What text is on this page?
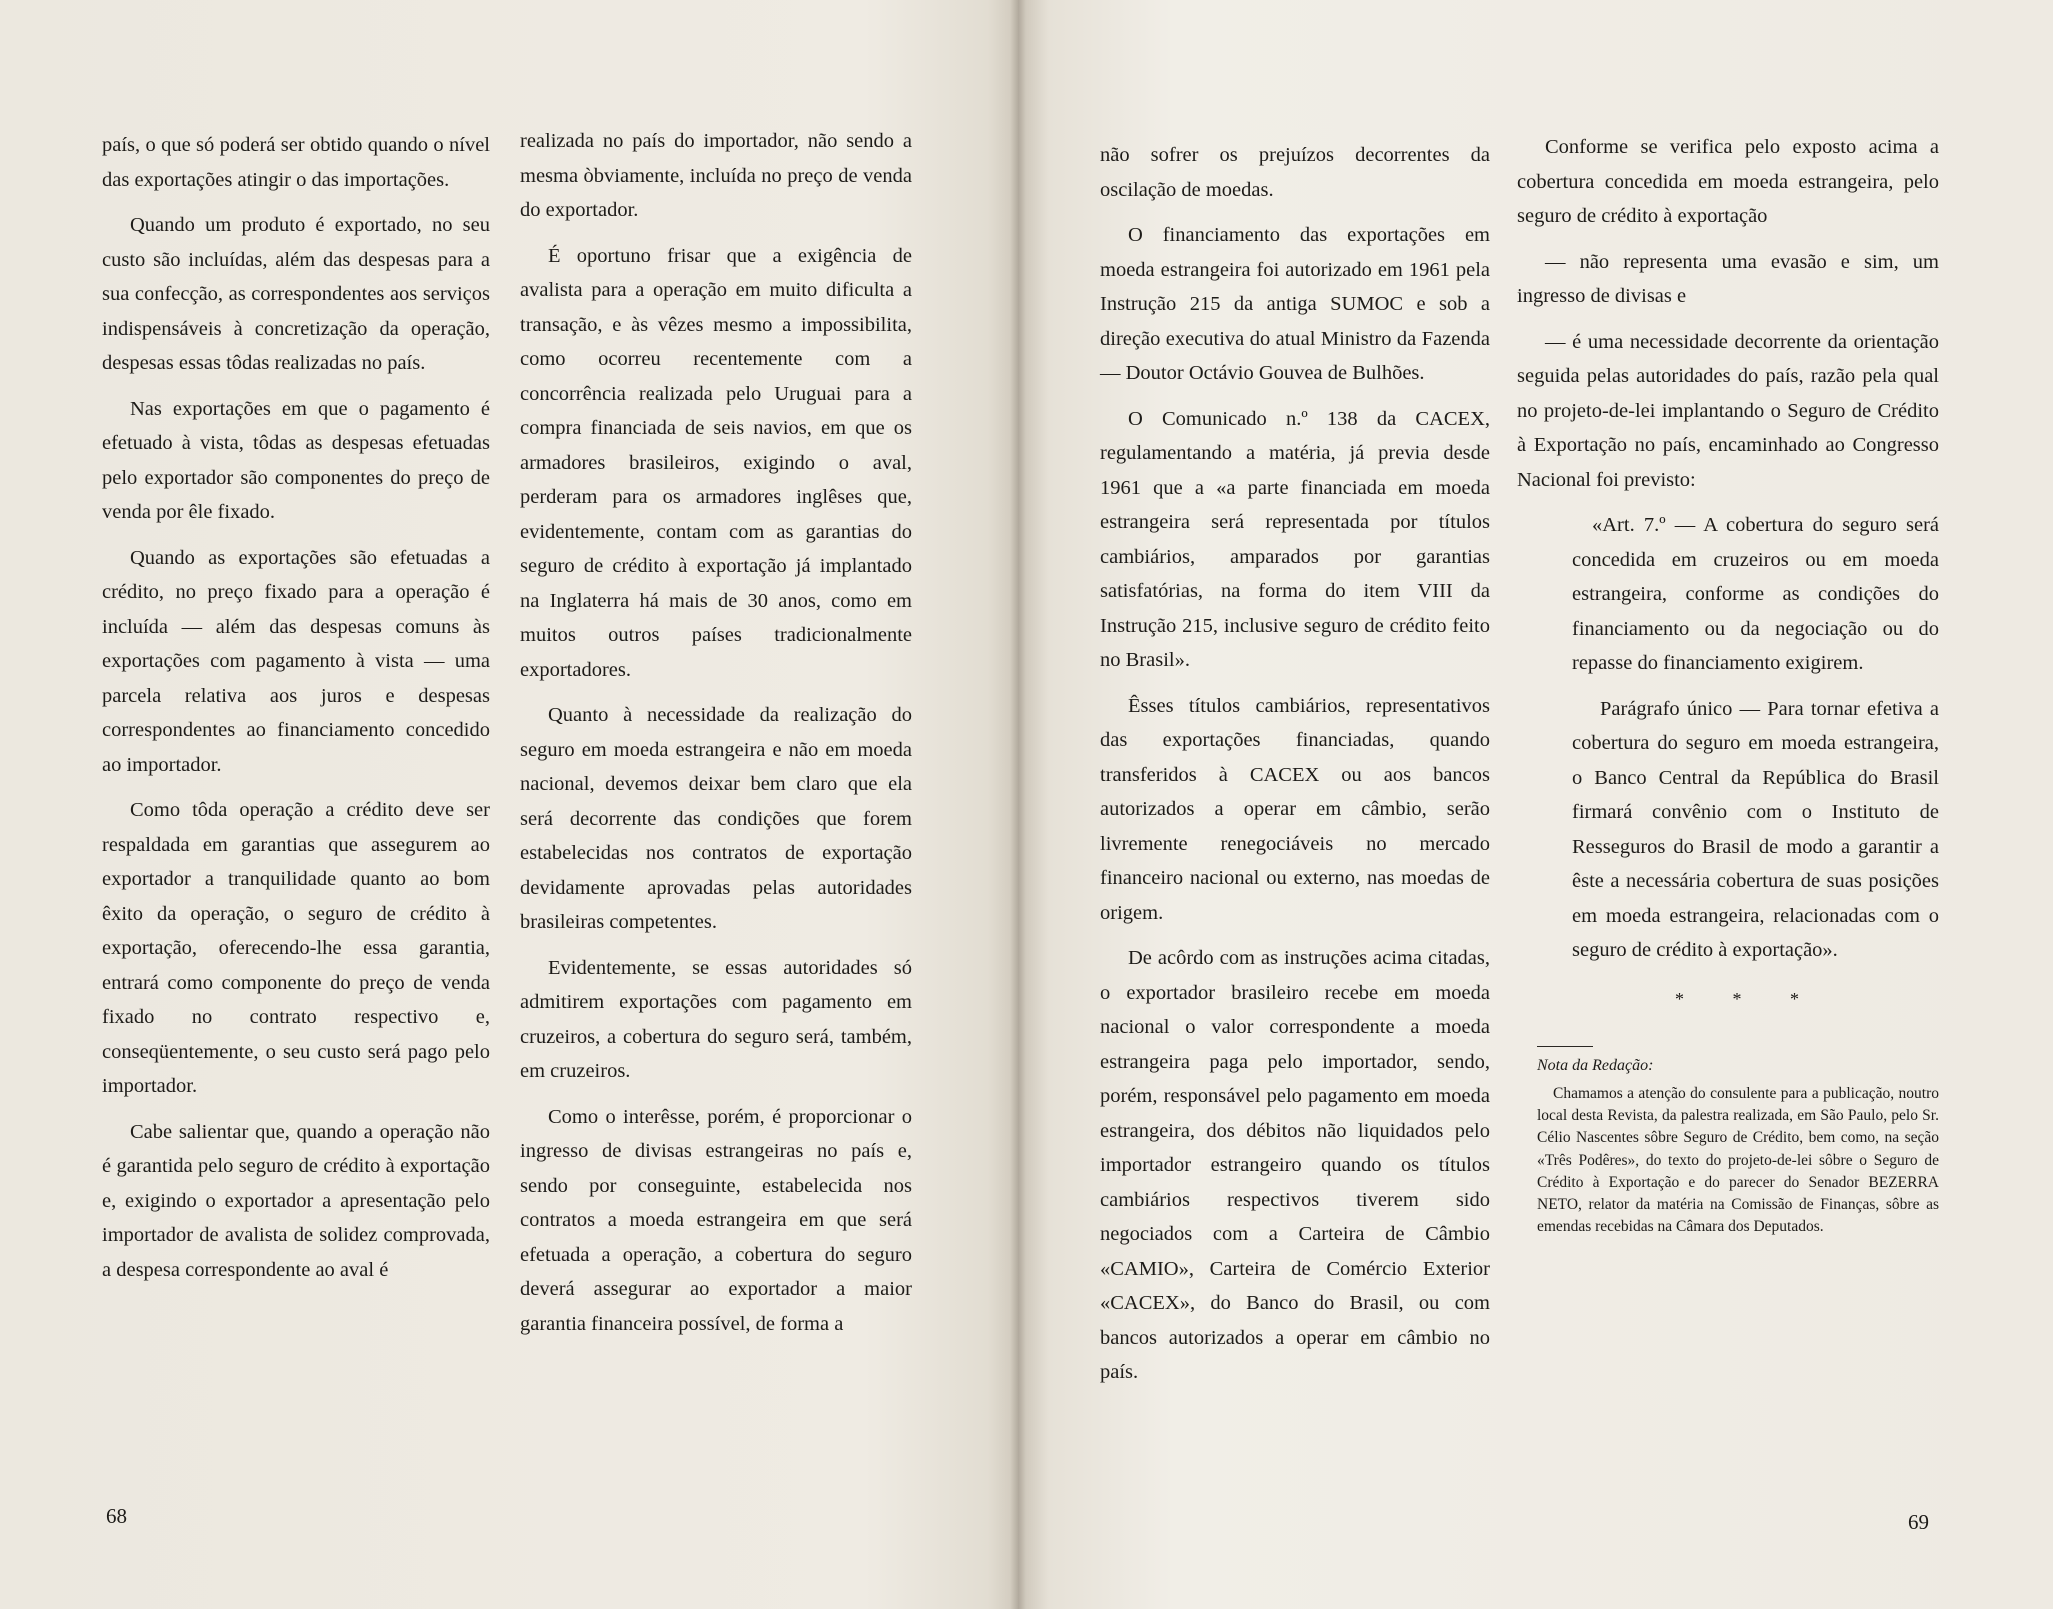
país, o que só poderá ser obtido quando o nível das exportações atingir o das importações.

Quando um produto é exportado, no seu custo são incluídas, além das despesas para a sua confecção, as correspondentes aos serviços indispensáveis à concretização da operação, despesas essas tôdas realizadas no país.

Nas exportações em que o pagamento é efetuado à vista, tôdas as despesas efetuadas pelo exportador são componentes do preço de venda por êle fixado.

Quando as exportações são efetuadas a crédito, no preço fixado para a operação é incluída — além das despesas comuns às exportações com pagamento à vista — uma parcela relativa aos juros e despesas correspondentes ao financiamento concedido ao importador.

Como tôda operação a crédito deve ser respaldada em garantias que assegurem ao exportador a tranquilidade quanto ao bom êxito da operação, o seguro de crédito à exportação, oferecendo-lhe essa garantia, entrará como componente do preço de venda fixado no contrato respectivo e, conseqüentemente, o seu custo será pago pelo importador.

Cabe salientar que, quando a operação não é garantida pelo seguro de crédito à exportação e, exigindo o exportador a apresentação pelo importador de avalista de solidez comprovada, a despesa correspondente ao aval é

realizada no país do importador, não sendo a mesma òbviamente, incluída no preço de venda do exportador.

É oportuno frisar que a exigência de avalista para a operação em muito dificulta a transação, e às vêzes mesmo a impossibilita, como ocorreu recentemente com a concorrência realizada pelo Uruguai para a compra financiada de seis navios, em que os armadores brasileiros, exigindo o aval, perderam para os armadores inglêses que, evidentemente, contam com as garantias do seguro de crédito à exportação já implantado na Inglaterra há mais de 30 anos, como em muitos outros países tradicionalmente exportadores.

Quanto à necessidade da realização do seguro em moeda estrangeira e não em moeda nacional, devemos deixar bem claro que ela será decorrente das condições que forem estabelecidas nos contratos de exportação devidamente aprovadas pelas autoridades brasileiras competentes.

Evidentemente, se essas autoridades só admitirem exportações com pagamento em cruzeiros, a cobertura do seguro será, também, em cruzeiros.

Como o interêsse, porém, é proporcionar o ingresso de divisas estrangeiras no país e, sendo por conseguinte, estabelecida nos contratos a moeda estrangeira em que será efetuada a operação, a cobertura do seguro deverá assegurar ao exportador a maior garantia financeira possível, de forma a

68

não sofrer os prejuízos decorrentes da oscilação de moedas.

O financiamento das exportações em moeda estrangeira foi autorizado em 1961 pela Instrução 215 da antiga SUMOC e sob a direção executiva do atual Ministro da Fazenda — Doutor Octávio Gouvea de Bulhões.

O Comunicado n.º 138 da CACEX, regulamentando a matéria, já previa desde 1961 que a «a parte financiada em moeda estrangeira será representada por títulos cambiários, amparados por garantias satisfatórias, na forma do item VIII da Instrução 215, inclusive seguro de crédito feito no Brasil».

Êsses títulos cambiários, representativos das exportações financiadas, quando transferidos à CACEX ou aos bancos autorizados a operar em câmbio, serão livremente renegociáveis no mercado financeiro nacional ou externo, nas moedas de origem.

De acôrdo com as instruções acima citadas, o exportador brasileiro recebe em moeda nacional o valor correspondente a moeda estrangeira paga pelo importador, sendo, porém, responsável pelo pagamento em moeda estrangeira, dos débitos não liquidados pelo importador estrangeiro quando os títulos cambiários respectivos tiverem sido negociados com a Carteira de Câmbio «CAMIO», Carteira de Comércio Exterior «CACEX», do Banco do Brasil, ou com bancos autorizados a operar em câmbio no país.

Conforme se verifica pelo exposto acima a cobertura concedida em moeda estrangeira, pelo seguro de crédito à exportação

— não representa uma evasão e sim, um ingresso de divisas e

— é uma necessidade decorrente da orientação seguida pelas autoridades do país, razão pela qual no projeto-de-lei implantando o Seguro de Crédito à Exportação no país, encaminhado ao Congresso Nacional foi previsto:

«Art. 7.º — A cobertura do seguro será concedida em cruzeiros ou em moeda estrangeira, conforme as condições do financiamento ou da negociação ou do repasse do financiamento exigirem.

Parágrafo único — Para tornar efetiva a cobertura do seguro em moeda estrangeira, o Banco Central da República do Brasil firmará convênio com o Instituto de Resseguros do Brasil de modo a garantir a êste a necessária cobertura de suas posições em moeda estrangeira, relacionadas com o seguro de crédito à exportação».

* * *
Nota da Redação:
Chamamos a atenção do consulente para a publicação, noutro local desta Revista, da palestra realizada, em São Paulo, pelo Sr. Célio Nascentes sôbre Seguro de Crédito, bem como, na seção «Três Podêres», do texto do projeto-de-lei sôbre o Seguro de Crédito à Exportação e do parecer do Senador BEZERRA NETO, relator da matéria na Comissão de Finanças, sôbre as emendas recebidas na Câmara dos Deputados.
69
